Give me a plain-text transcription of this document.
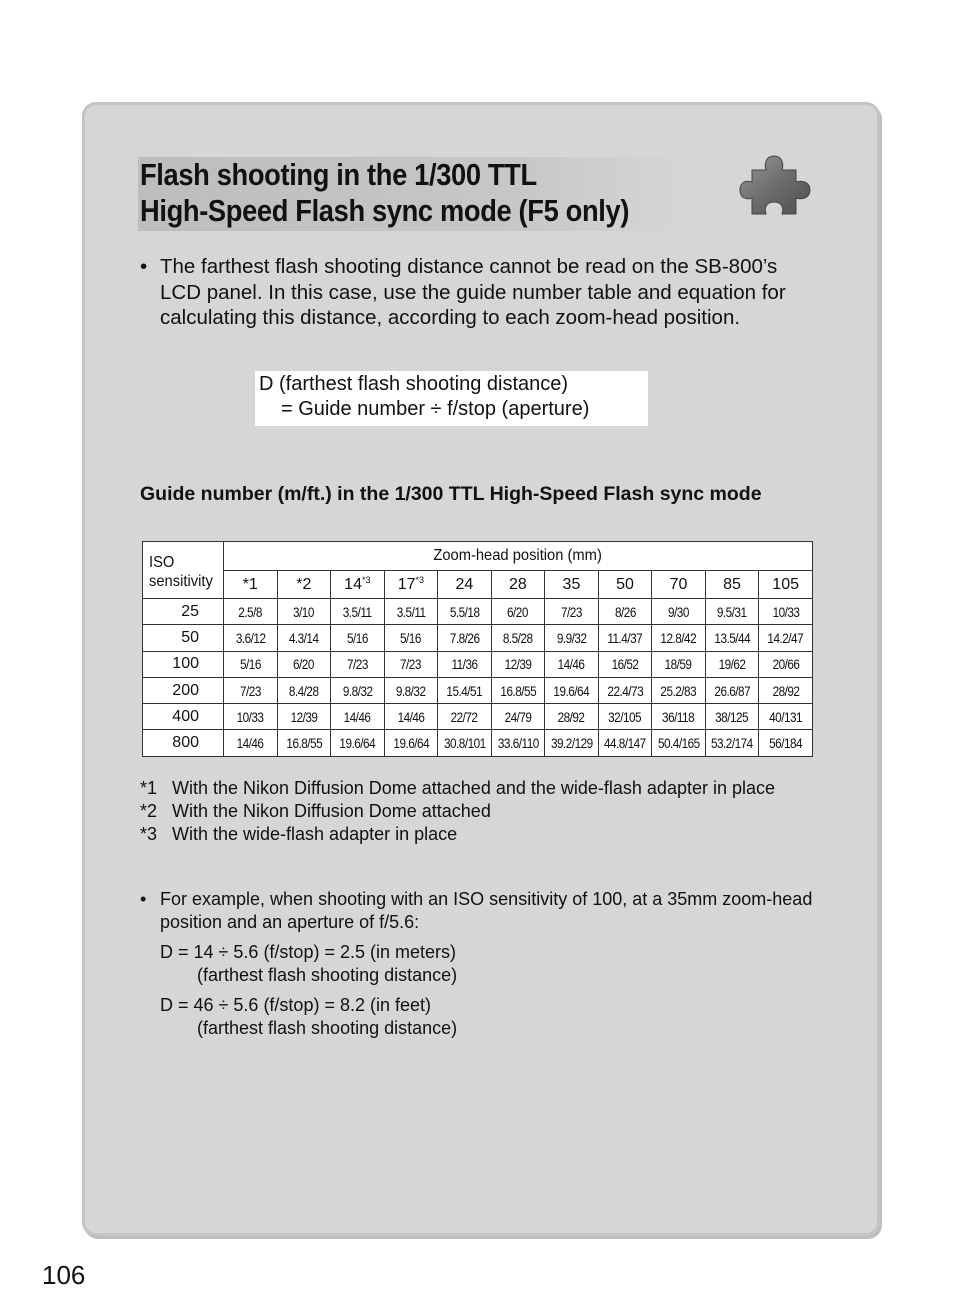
Flash shooting in the 1/300 TTL
High-Speed Flash sync mode (F5 only)
• The farthest flash shooting distance cannot be read on the SB-800’s LCD panel. In this case, use the guide number table and equation for calculating this distance, according to each zoom-head position.
D (farthest flash shooting distance)
= Guide number ÷ f/stop (aperture)
Guide number (m/ft.) in the 1/300 TTL High-Speed Flash sync mode
ISO sensitivity	Zoom-head position (mm)										
	*1	*2	14$^{*3}$	17$^{*3}$	24	28	35	50	70	85	105
25	2.5/8	3/10	3.5/11	3.5/11	5.5/18	6/20	7/23	8/26	9/30	9.5/31	10/33
50	3.6/12	4.3/14	5/16	5/16	7.8/26	8.5/28	9.9/32	11.4/37	12.8/42	13.5/44	14.2/47
100	5/16	6/20	7/23	7/23	11/36	12/39	14/46	16/52	18/59	19/62	20/66
200	7/23	8.4/28	9.8/32	9.8/32	15.4/51	16.8/55	19.6/64	22.4/73	25.2/83	26.6/87	28/92
400	10/33	12/39	14/46	14/46	22/72	24/79	28/92	32/105	36/118	38/125	40/131
800	14/46	16.8/55	19.6/64	19.6/64	30.8/101	33.6/110	39.2/129	44.8/147	50.4/165	53.2/174	56/184
*1 With the Nikon Diffusion Dome attached and the wide-flash adapter in place
*2 With the Nikon Diffusion Dome attached
*3 With the wide-flash adapter in place
• For example, when shooting with an ISO sensitivity of 100, at a 35mm zoom-head position and an aperture of f/5.6:
D = 14 ÷ 5.6 (f/stop) = 2.5 (in meters)
(farthest flash shooting distance)
D = 46 ÷ 5.6 (f/stop) = 8.2 (in feet)
(farthest flash shooting distance)
106
